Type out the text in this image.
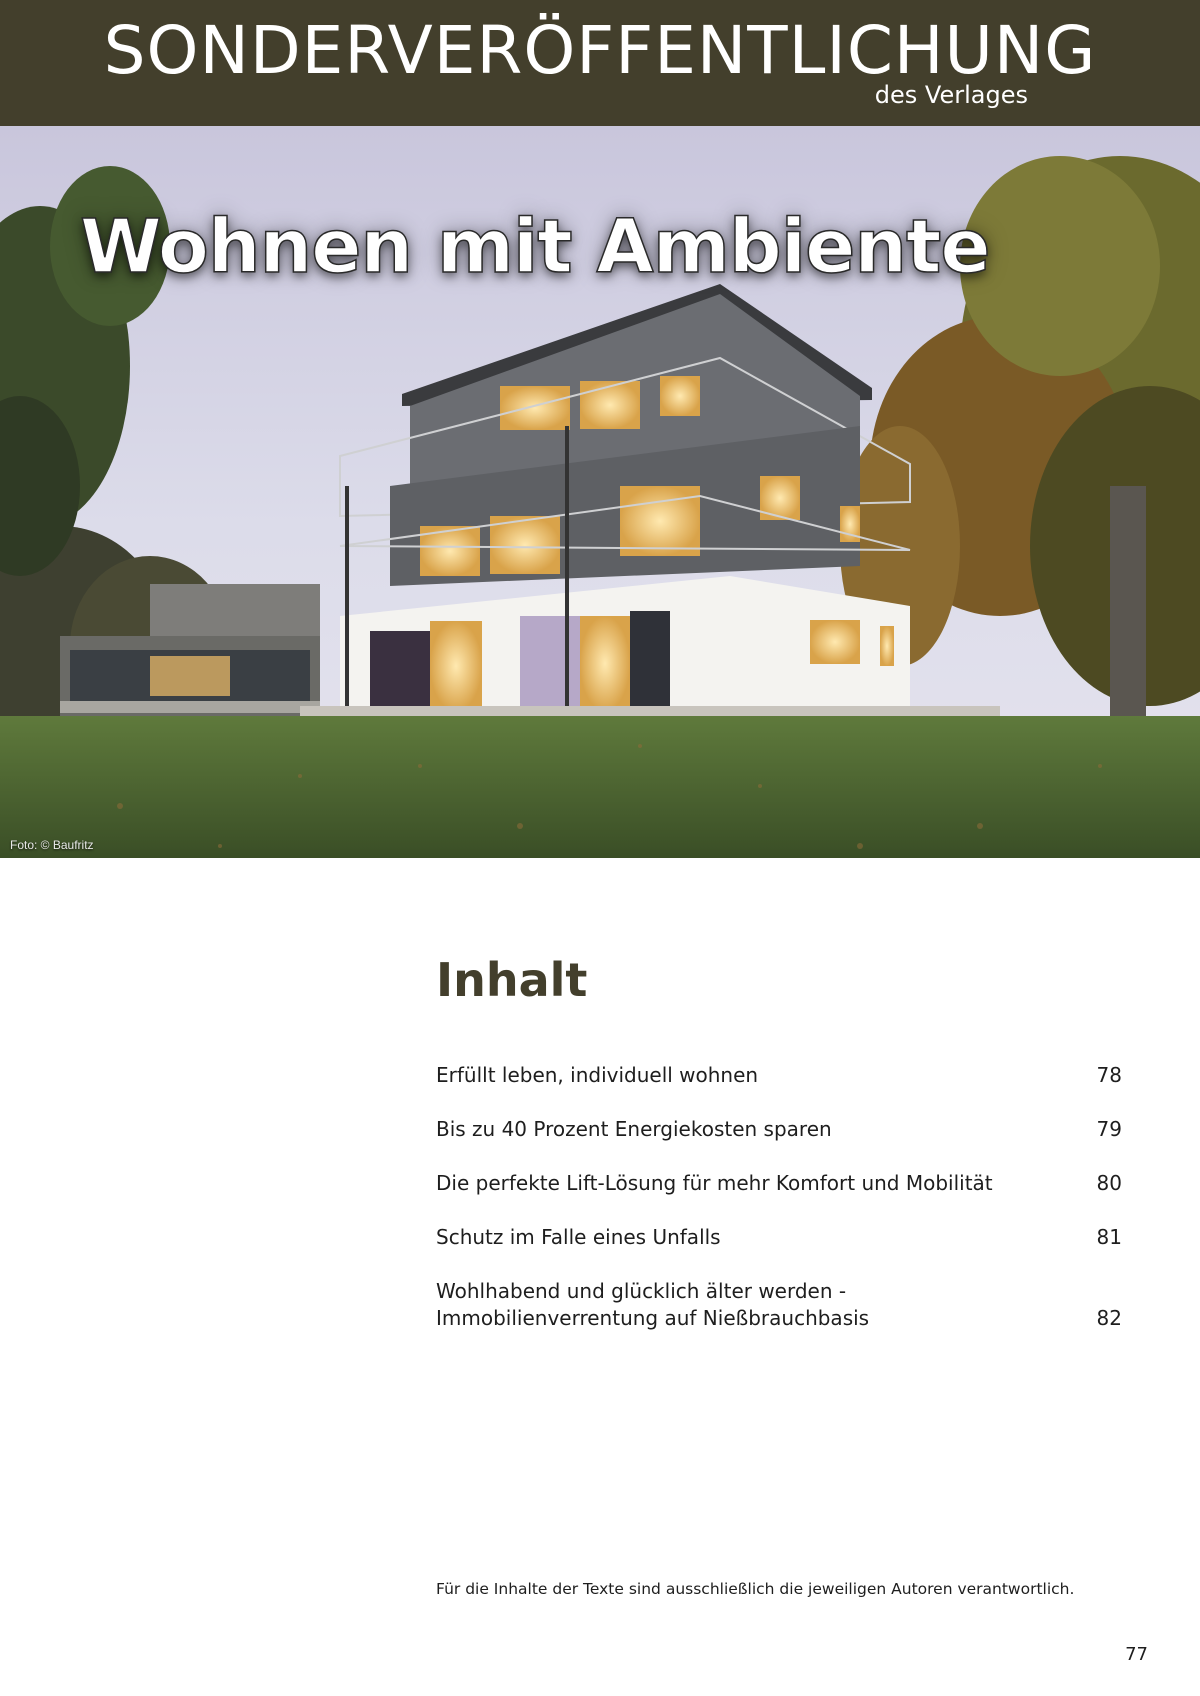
SONDERVERÖFFENTLICHUNG
des Verlages
Wohnen mit Ambiente
Foto: © Baufritz
Inhalt
Erfüllt leben, individuell wohnen	78
Bis zu 40 Prozent Energiekosten sparen	79
Die perfekte Lift-Lösung für mehr Komfort und Mobilität	80
Schutz im Falle eines Unfalls	81
Wohlhabend und glücklich älter werden -
Immobilienverrentung auf Nießbrauchbasis	82
Für die Inhalte der Texte sind ausschließlich die jeweiligen Autoren verantwortlich.
77
